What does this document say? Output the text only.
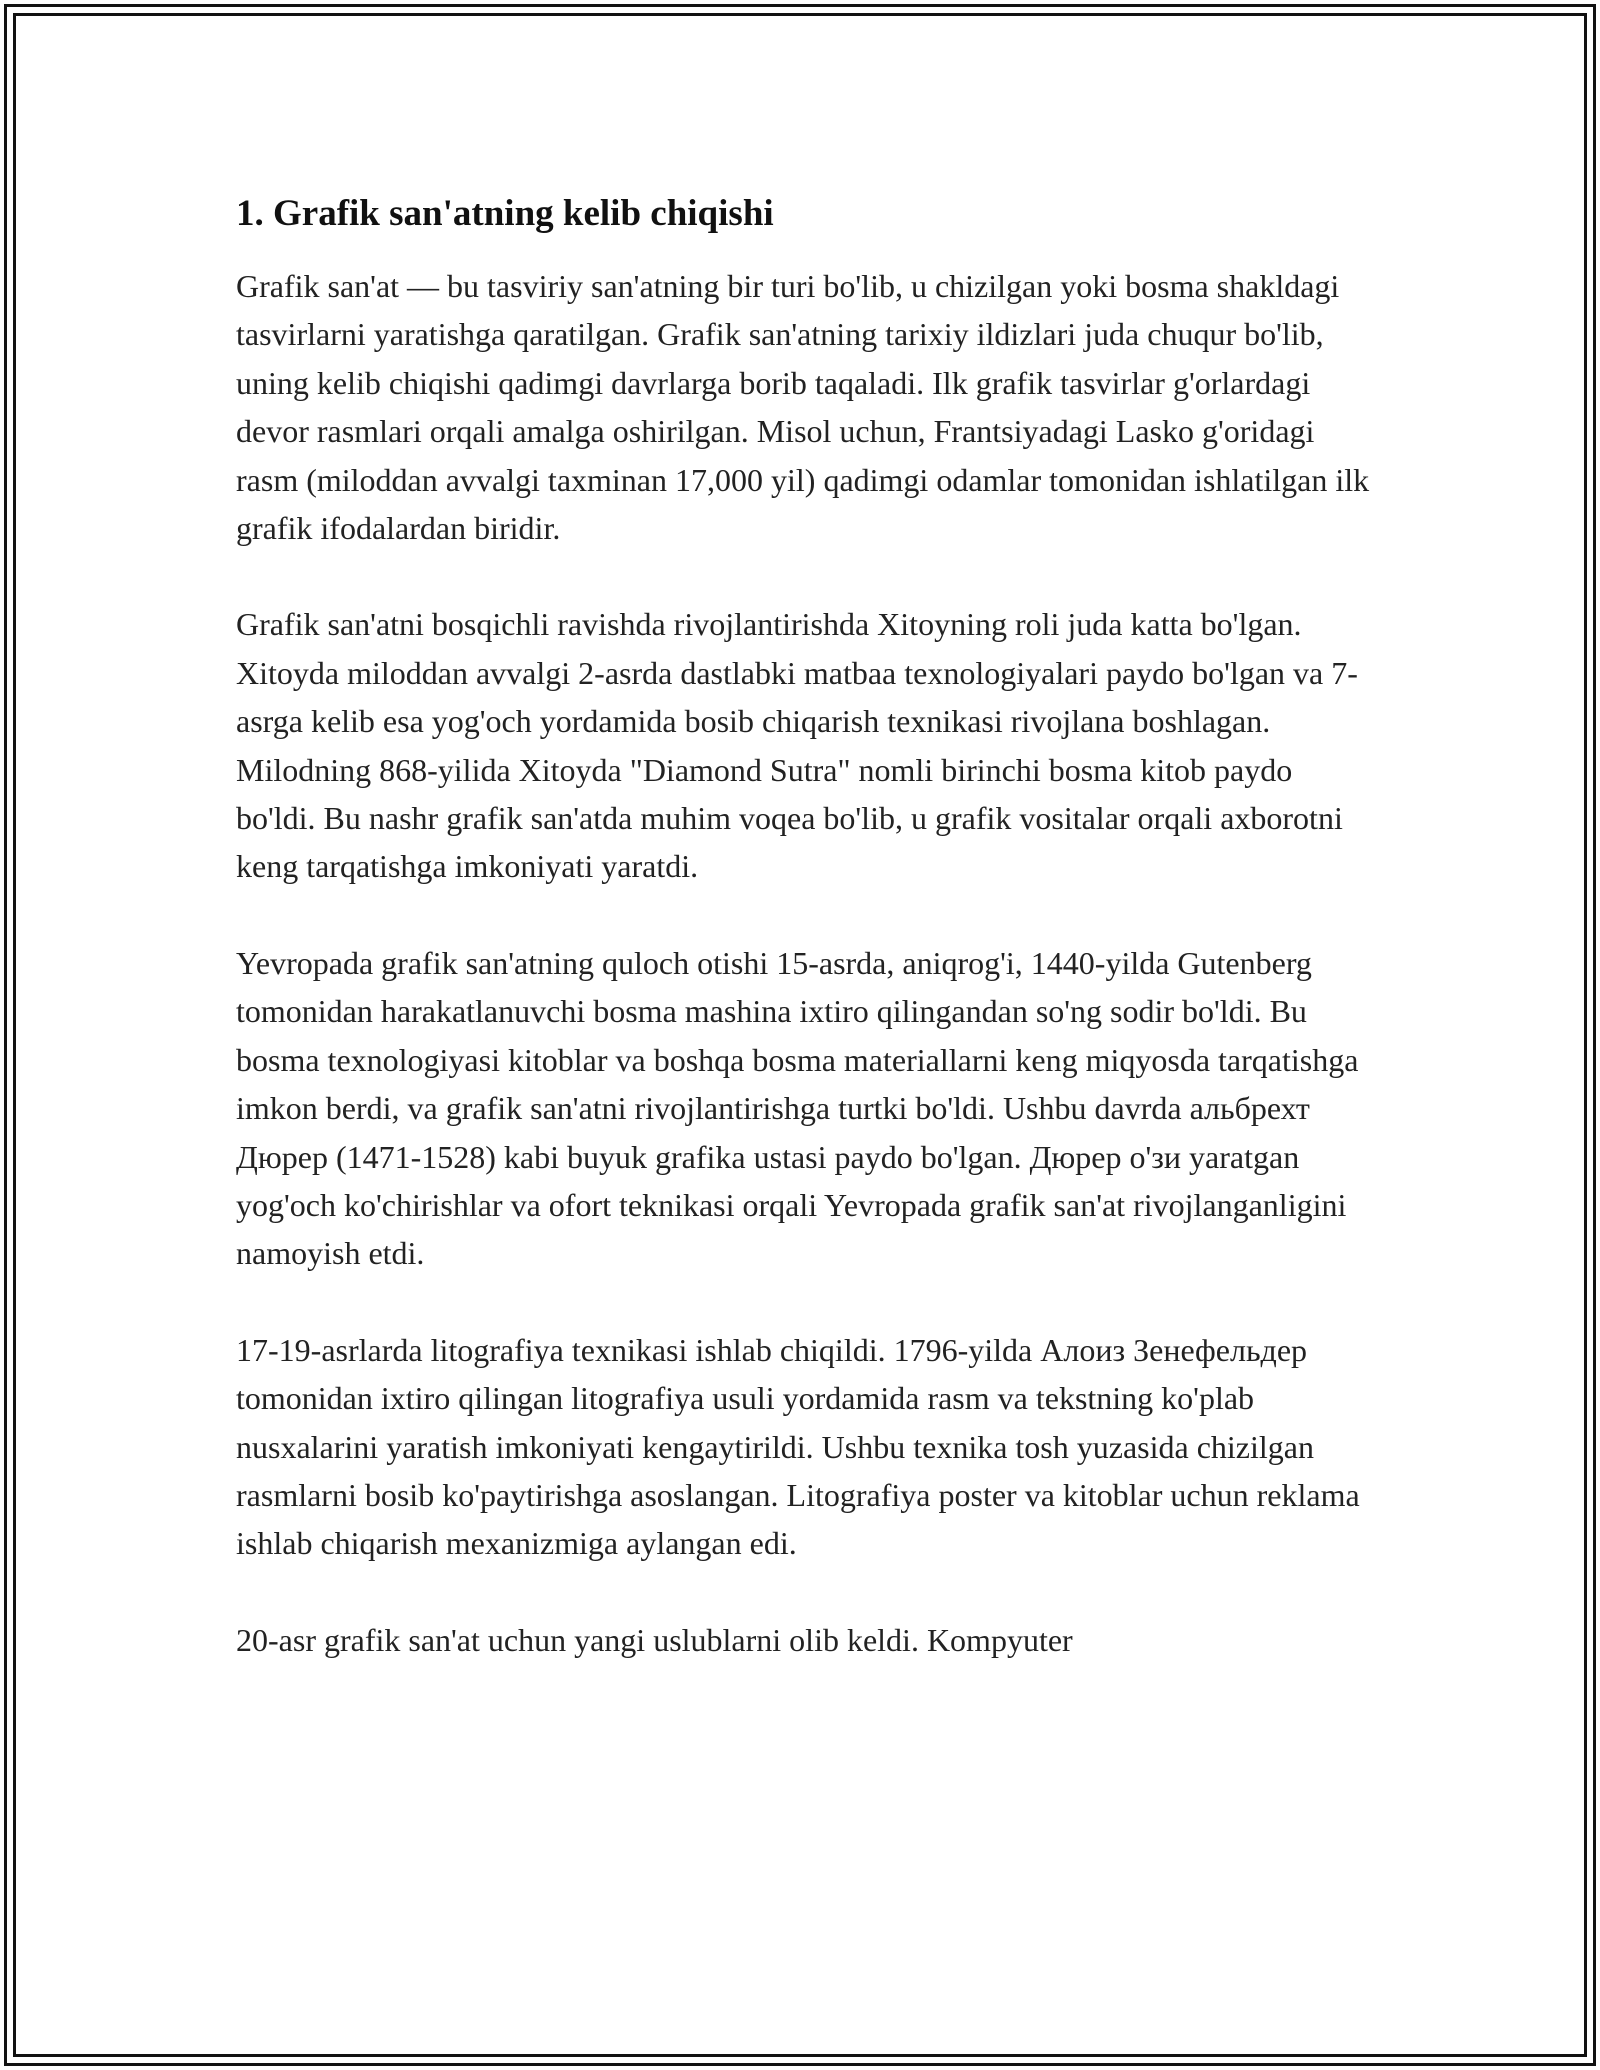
1. Grafik san'atning kelib chiqishi

Grafik san'at — bu tasviriy san'atning bir turi bo'lib, u chizilgan yoki bosma shakldagi tasvirlarni yaratishga qaratilgan. Grafik san'atning tarixiy ildizlari juda chuqur bo'lib, uning kelib chiqishi qadimgi davrlarga borib taqaladi. Ilk grafik tasvirlar g'orlardagi devor rasmlari orqali amalga oshirilgan. Misol uchun, Frantsiyadagi Lasko g'oridagi rasm (miloddan avvalgi taxminan 17,000 yil) qadimgi odamlar tomonidan ishlatilgan ilk grafik ifodalardan biridir.

Grafik san'atni bosqichli ravishda rivojlantirishda Xitoyning roli juda katta bo'lgan. Xitoyda miloddan avvalgi 2-asrda dastlabki matbaa texnologiyalari paydo bo'lgan va 7-asrga kelib esa yog'och yordamida bosib chiqarish texnikasi rivojlana boshlagan. Milodning 868-yilida Xitoyda "Diamond Sutra" nomli birinchi bosma kitob paydo bo'ldi. Bu nashr grafik san'atda muhim voqea bo'lib, u grafik vositalar orqali axborotni keng tarqatishga imkoniyati yaratdi.

Yevropada grafik san'atning quloch otishi 15-asrda, aniqrog'i, 1440-yilda Gutenberg tomonidan harakatlanuvchi bosma mashina ixtiro qilingandan so'ng sodir bo'ldi. Bu bosma texnologiyasi kitoblar va boshqa bosma materiallarni keng miqyosda tarqatishga imkon berdi, va grafik san'atni rivojlantirishga turtki bo'ldi. Ushbu davrda альбрехт Дюрер (1471-1528) kabi buyuk grafika ustasi paydo bo'lgan. Дюрер o'зи yaratgan yog'och ko'chirishlar va ofort teknikasi orqali Yevropada grafik san'at rivojlanganligini namoyish etdi.

17-19-asrlarda litografiya texnikasi ishlab chiqildi. 1796-yilda Алоиз Зенефельдер tomonidan ixtiro qilingan litografiya usuli yordamida rasm va tekstning ko'plab nusxalarini yaratish imkoniyati kengaytirildi. Ushbu texnika tosh yuzasida chizilgan rasmlarni bosib ko'paytirishga asoslangan. Litografiya poster va kitoblar uchun reklama ishlab chiqarish mexanizmiga aylangan edi.

20-asr grafik san'at uchun yangi uslublarni olib keldi. Kompyuter
